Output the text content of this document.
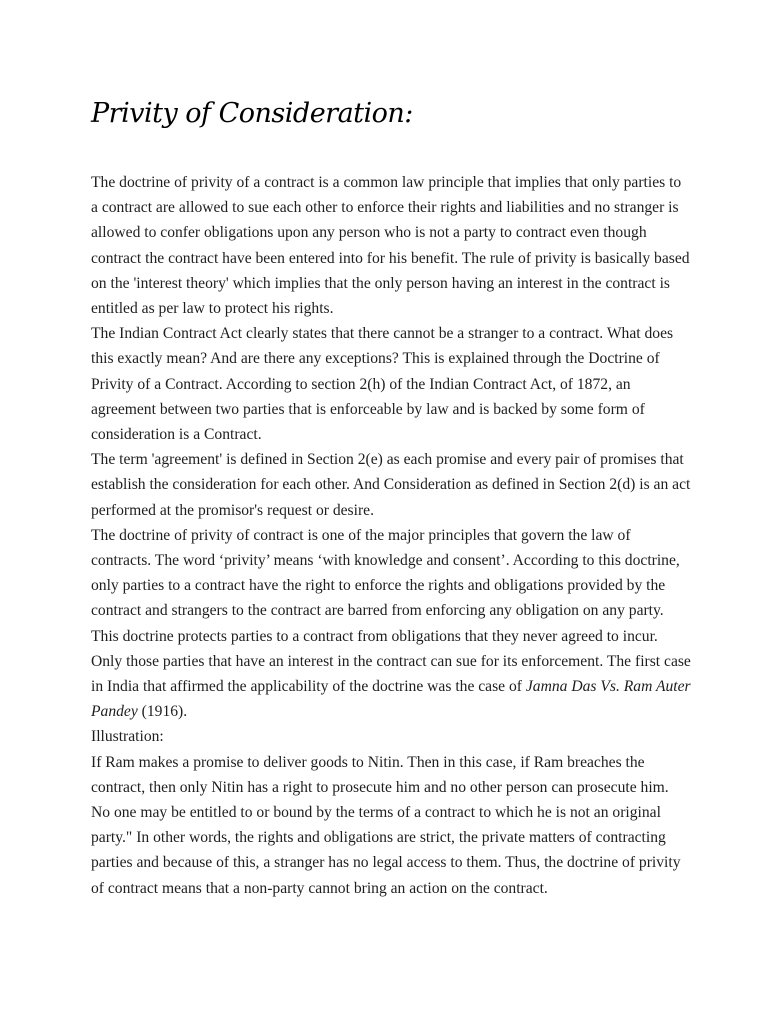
Privity of Consideration:

The doctrine of privity of a contract is a common law principle that implies that only parties to a contract are allowed to sue each other to enforce their rights and liabilities and no stranger is allowed to confer obligations upon any person who is not a party to contract even though contract the contract have been entered into for his benefit. The rule of privity is basically based on the 'interest theory' which implies that the only person having an interest in the contract is entitled as per law to protect his rights.

The Indian Contract Act clearly states that there cannot be a stranger to a contract. What does this exactly mean? And are there any exceptions? This is explained through the Doctrine of Privity of a Contract. According to section 2(h) of the Indian Contract Act, of 1872, an agreement between two parties that is enforceable by law and is backed by some form of consideration is a Contract.

The term 'agreement' is defined in Section 2(e) as each promise and every pair of promises that establish the consideration for each other. And Consideration as defined in Section 2(d) is an act performed at the promisor's request or desire.

The doctrine of privity of contract is one of the major principles that govern the law of contracts. The word ‘privity’ means ‘with knowledge and consent’. According to this doctrine, only parties to a contract have the right to enforce the rights and obligations provided by the contract and strangers to the contract are barred from enforcing any obligation on any party. This doctrine protects parties to a contract from obligations that they never agreed to incur. Only those parties that have an interest in the contract can sue for its enforcement. The first case in India that affirmed the applicability of the doctrine was the case of Jamna Das Vs. Ram Auter Pandey (1916).

Illustration:

If Ram makes a promise to deliver goods to Nitin. Then in this case, if Ram breaches the contract, then only Nitin has a right to prosecute him and no other person can prosecute him.

No one may be entitled to or bound by the terms of a contract to which he is not an original party." In other words, the rights and obligations are strict, the private matters of contracting parties and because of this, a stranger has no legal access to them. Thus, the doctrine of privity of contract means that a non-party cannot bring an action on the contract.
